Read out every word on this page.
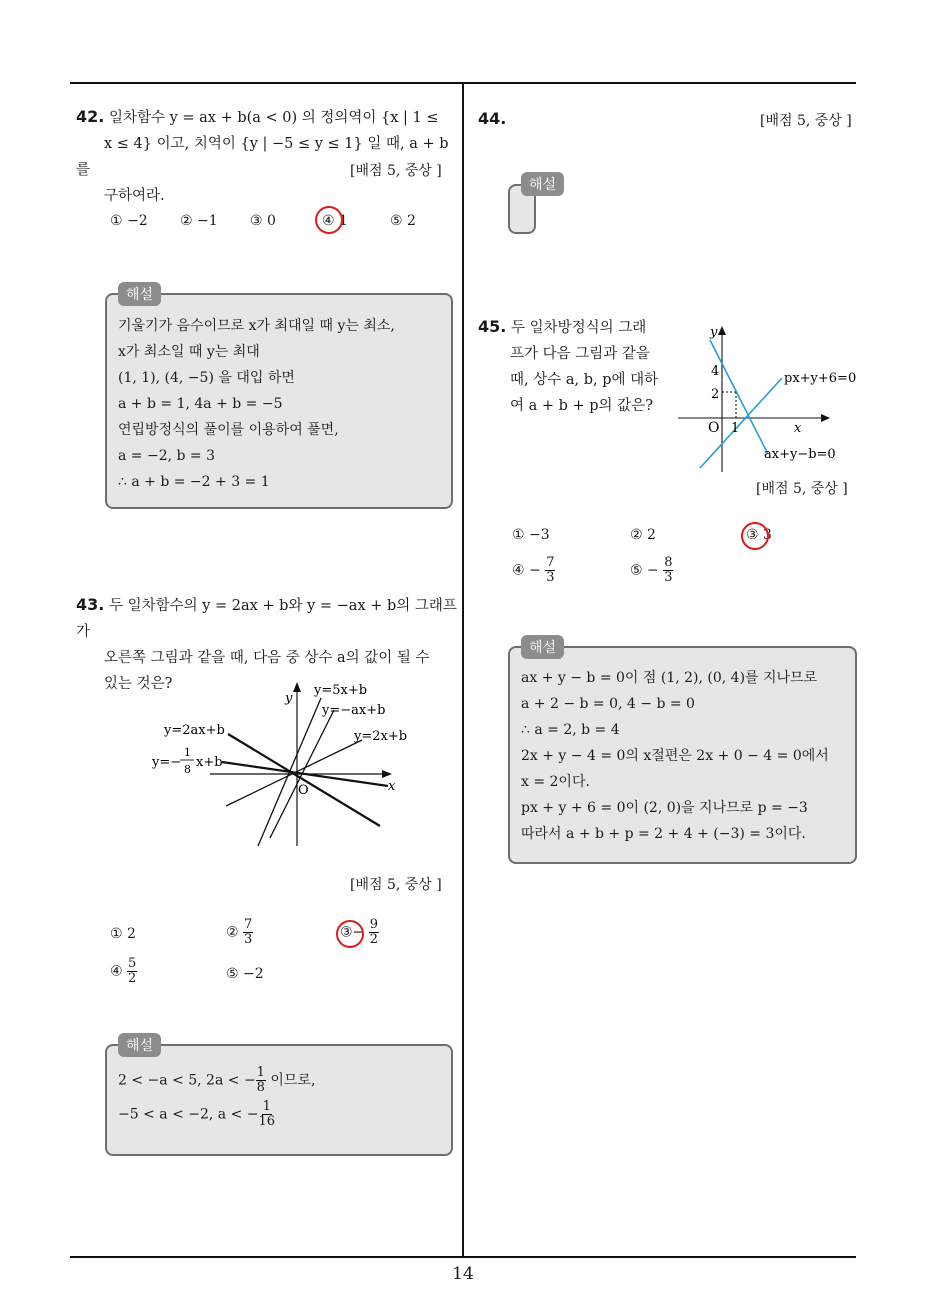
14
42. 일차함수 y = ax + b(a < 0) 의 정의역이 {x | 1 ≤
x ≤ 4} 이고, 치역이 {y | −5 ≤ y ≤ 1} 일 때, a + b를
구하여라.
[배점 5, 중상 ]
① −2 ② −1 ③ 0	④ 1	⑤ 2
해설
기울기가 음수이므로 x가 최대일 때 y는 최소,
x가 최소일 때 y는 최대
(1, 1), (4, −5) 을 대입 하면
a + b = 1, 4a + b = −5
연립방정식의 풀이를 이용하여 풀면,
a = −2, b = 3
∴ a + b = −2 + 3 = 1
43. 두 일차함수의 y = 2ax + b와 y = −ax + b의 그래프가
오른쪽 그림과 같을 때, 다음 중 상수 a의 값이 될 수
있는 것은?
y
x
O
y=5x+b
y=−ax+b
y=2x+b
y=2ax+b
y=−
1
8 x+b
[배점 5, 중상 ]
① 2	② $\frac{7}{3}$	③− $\frac{9}{2}$
④ $\frac{5}{2}$	⑤ −2
해설
2 < −a < 5, 2a < − $\frac{1}{8}$ 이므로,
−5 < a < −2, a < − $\frac{1}{16}$
44.	[배점 5, 중상 ]
해설
45. 두 일차방정식의 그래
프가 다음 그림과 같을
때, 상수 a, b, p에 대하
여 a + b + p의 값은?
y
x
O
4
2
1
px+y+6=0
ax+y−b=0
[배점 5, 중상 ]
① −3	② 2	③ 3
④ − $\frac{7}{3}$	⑤ − $\frac{8}{3}$
해설
ax + y − b = 0이 점 (1, 2), (0, 4)를 지나므로
a + 2 − b = 0, 4 − b = 0
∴ a = 2, b = 4
2x + y − 4 = 0의 x절편은 2x + 0 − 4 = 0에서
x = 2이다.
px + y + 6 = 0이 (2, 0)을 지나므로 p = −3
따라서 a + b + p = 2 + 4 + (−3) = 3이다.
